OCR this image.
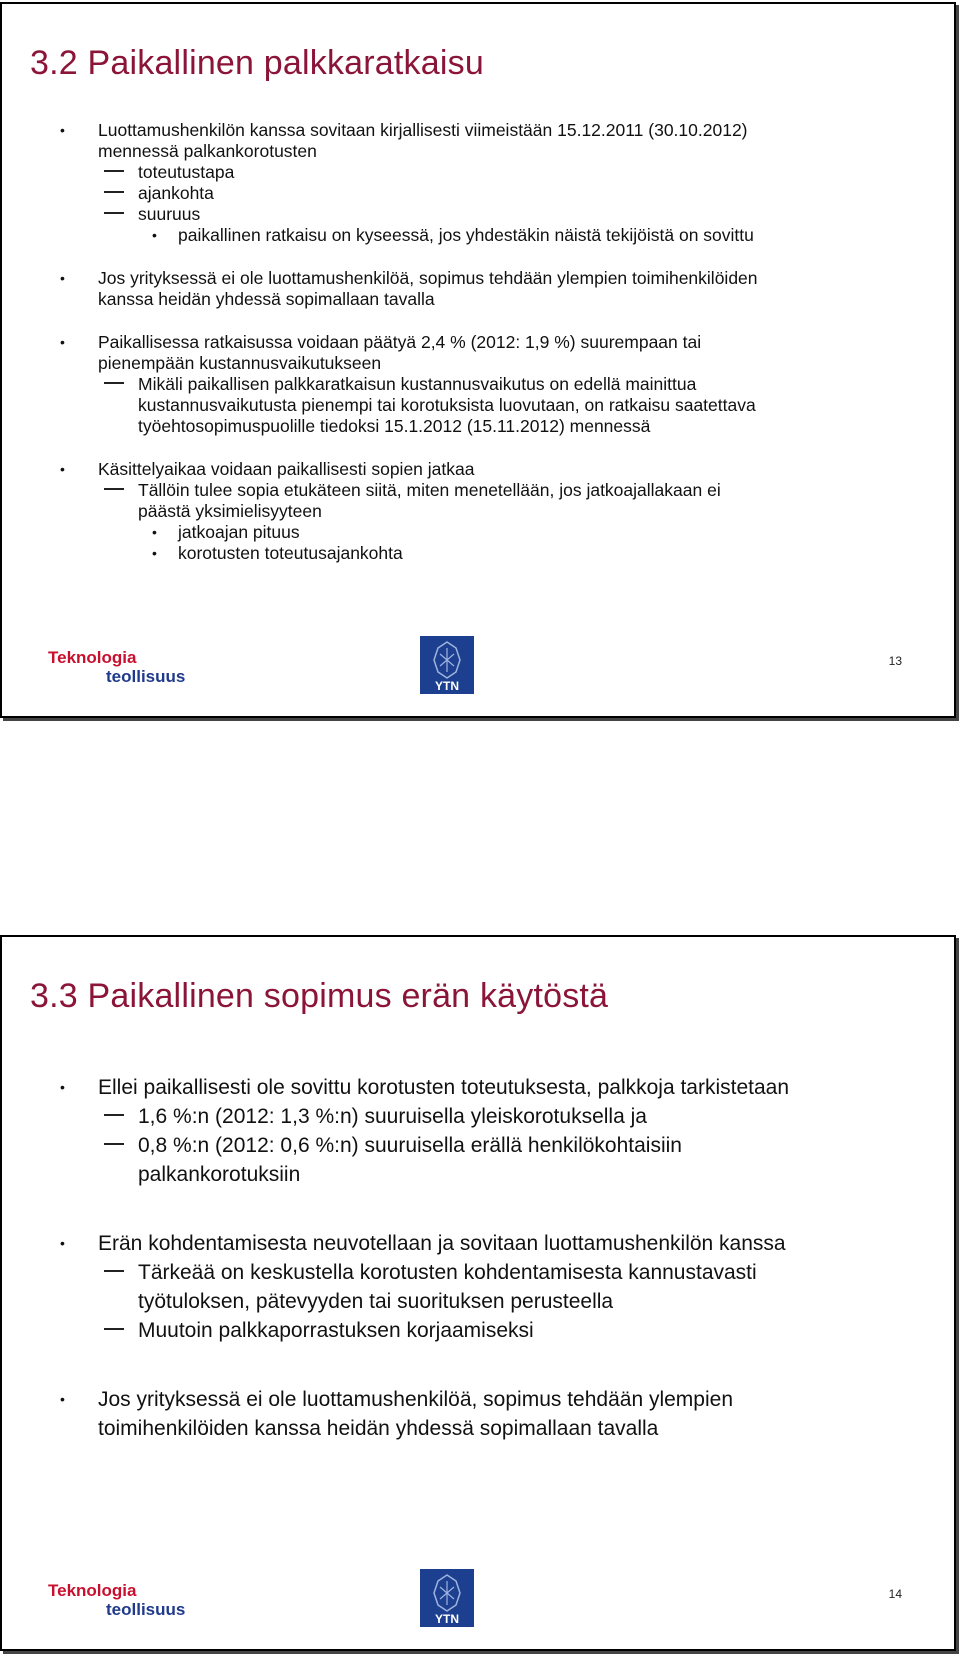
3.2 Paikallinen palkkaratkaisu
• Luottamushenkilön kanssa sovitaan kirjallisesti viimeistään 15.12.2011 (30.10.2012)
mennessä palkankorotusten
toteutustapa
ajankohta
suuruus
• paikallinen ratkaisu on kyseessä, jos yhdestäkin näistä tekijöistä on sovittu
• Jos yrityksessä ei ole luottamushenkilöä, sopimus tehdään ylempien toimihenkilöiden
kanssa heidän yhdessä sopimallaan tavalla
• Paikallisessa ratkaisussa voidaan päätyä 2,4 % (2012: 1,9 %) suurempaan tai
pienempään kustannusvaikutukseen
Mikäli paikallisen palkkaratkaisun kustannusvaikutus on edellä mainittua
kustannusvaikutusta pienempi tai korotuksista luovutaan, on ratkaisu saatettava
työehtosopimuspuolille tiedoksi 15.1.2012 (15.11.2012) mennessä
• Käsittelyaikaa voidaan paikallisesti sopien jatkaa
Tällöin tulee sopia etukäteen siitä, miten menetellään, jos jatkoajallakaan ei
päästä yksimielisyyteen
• jatkoajan pituus
• korotusten toteutusajankohta
Teknologia
teollisuus	YTN
13
3.3 Paikallinen sopimus erän käytöstä
• Ellei paikallisesti ole sovittu korotusten toteutuksesta, palkkoja tarkistetaan
1,6 %:n (2012: 1,3 %:n) suuruisella yleiskorotuksella ja
0,8 %:n (2012: 0,6 %:n) suuruisella erällä henkilökohtaisiin
palkankorotuksiin
• Erän kohdentamisesta neuvotellaan ja sovitaan luottamushenkilön kanssa
Tärkeää on keskustella korotusten kohdentamisesta kannustavasti
työtuloksen, pätevyyden tai suorituksen perusteella
Muutoin palkkaporrastuksen korjaamiseksi
• Jos yrityksessä ei ole luottamushenkilöä, sopimus tehdään ylempien
toimihenkilöiden kanssa heidän yhdessä sopimallaan tavalla
Teknologia
teollisuus	YTN
14
